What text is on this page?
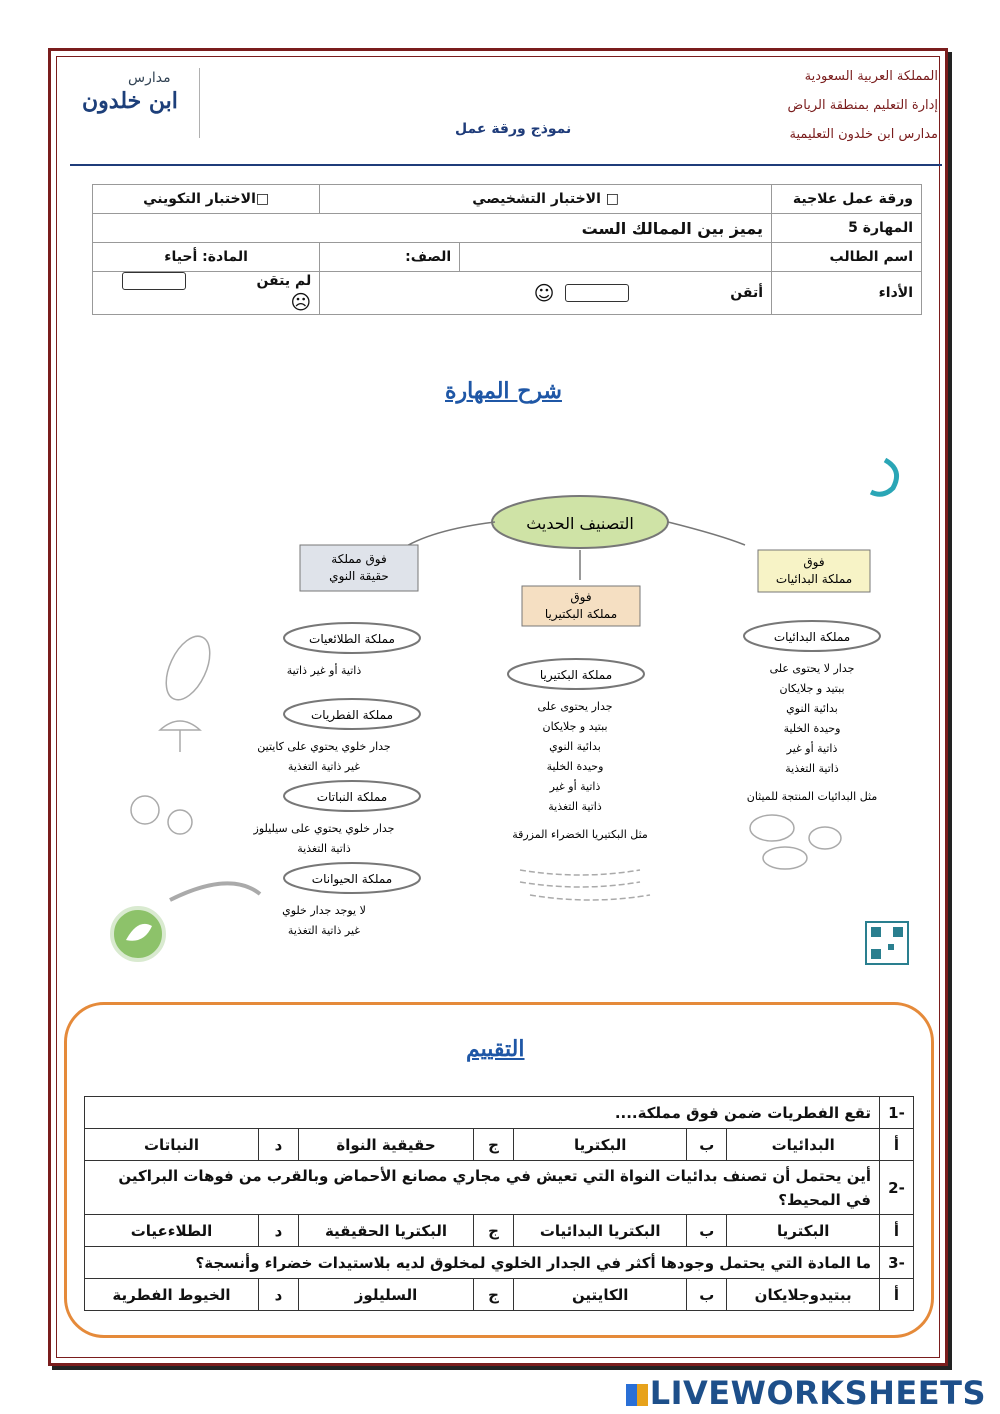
المملكة العربية السعودية
إدارة التعليم بمنطقة الرياض
مدارس ابن خلدون التعليمية
نموذج ورقة عمل
مدارس
ابن خلدون
ورقة عمل علاجية	□ الاختبار التشخيصي		□الاختبار التكويني
المهارة 5	يميز بين الممالك الست		
اسم الطالب		الصف:	المادة: أحياء
الأداء	أتقن  ☺		لم يتقن  ☹
شرح المهارة
التصنيف الحديث
فوق مملكة
حقيقة النوي
فوق
مملكة البكتيريا
فوق
مملكة البدائيات
مملكة الطلائعيات
ذاتية أو غير ذاتية
مملكة الفطريات
جدار خلوي يحتوي على كايتين
غير ذاتية التغذية
مملكة النباتات
جدار خلوي يحتوي على سيليلوز
ذاتية التغذية
مملكة الحيوانات
لا يوجد جدار خلوي
غير ذاتية التغذية
مملكة البكتيريا
جدار يحتوى على
ببتيد و جلايكان
بدائية النوي
وحيدة الخلية
ذاتية أو غير
ذاتية التغذية
مملكة البدائيات
جدار لا يحتوى على
ببتيد و جلايكان
بدائية النوي
وحيدة الخلية
ذاتية أو غير
ذاتية التغذية
مثل البكتيريا الخضراء المزرقة
مثل البدائيات المنتجة للميثان
التقييم
-1	تقع الفطريات ضمن فوق مملكة....						
أ	البدائيات	ب	البكتريا	ج	حقيقية النواة	د	النباتات
-2	أين يحتمل أن تصنف بدائيات النواة التي تعيش في مجاري مصانع الأحماض وبالقرب من فوهات البراكين في المحيط؟						
أ	البكتريا	ب	البكتريا البدائيات	ج	البكتريا الحقيقية	د	الطلاءعيات
-3	ما المادة التي يحتمل وجودها أكثر في الجدار الخلوي لمخلوق لديه بلاستيدات خضراء وأنسجة؟						
أ	ببتيدوجلايكان	ب	الكايتين	ج	السليلوز	د	الخيوط الفطرية
LIVEWORKSHEETS
